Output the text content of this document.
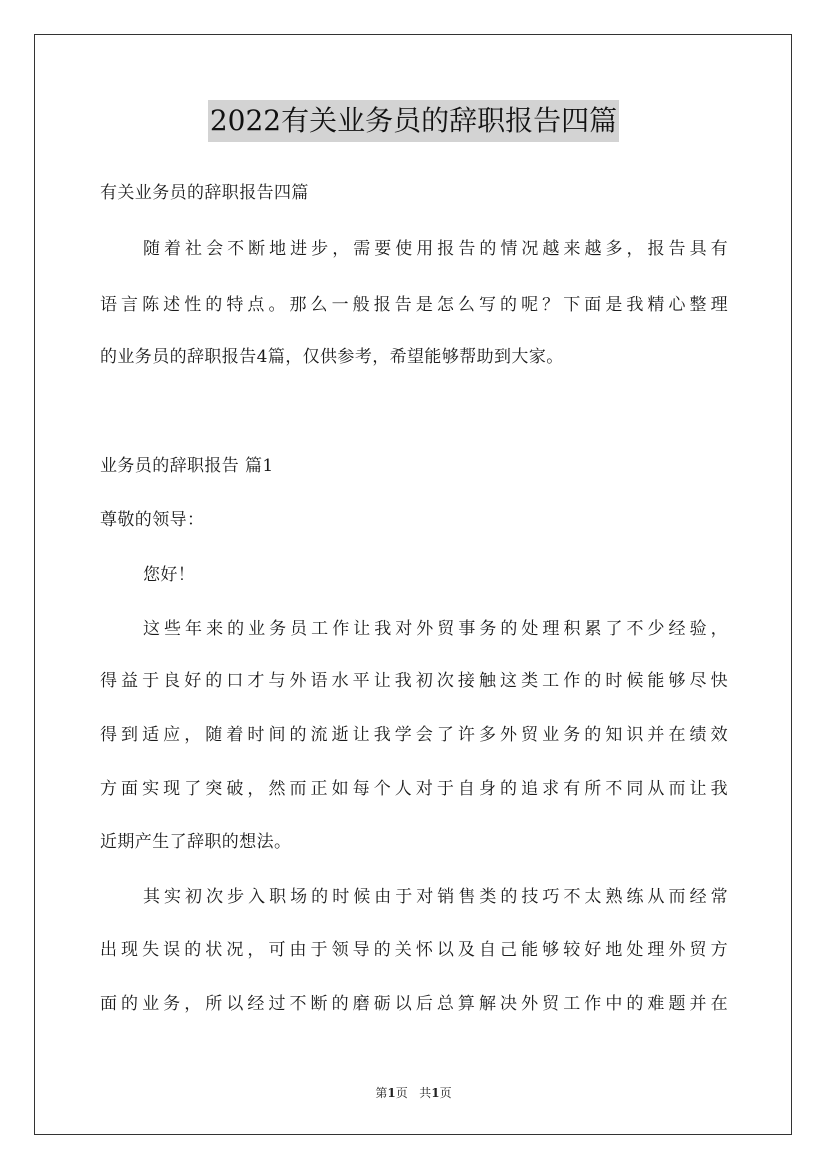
2022有关业务员的辞职报告四篇
有关业务员的辞职报告四篇
随着社会不断地进步，需要使用报告的情况越来越多，报告具有
语言陈述性的特点。那么一般报告是怎么写的呢？下面是我精心整理
的业务员的辞职报告4篇，仅供参考，希望能够帮助到大家。
业务员的辞职报告 篇1
尊敬的领导：
您好！
这些年来的业务员工作让我对外贸事务的处理积累了不少经验，
得益于良好的口才与外语水平让我初次接触这类工作的时候能够尽快
得到适应，随着时间的流逝让我学会了许多外贸业务的知识并在绩效
方面实现了突破，然而正如每个人对于自身的追求有所不同从而让我
近期产生了辞职的想法。
其实初次步入职场的时候由于对销售类的技巧不太熟练从而经常
出现失误的状况，可由于领导的关怀以及自己能够较好地处理外贸方
面的业务，所以经过不断的磨砺以后总算解决外贸工作中的难题并在
第1页 共1页
